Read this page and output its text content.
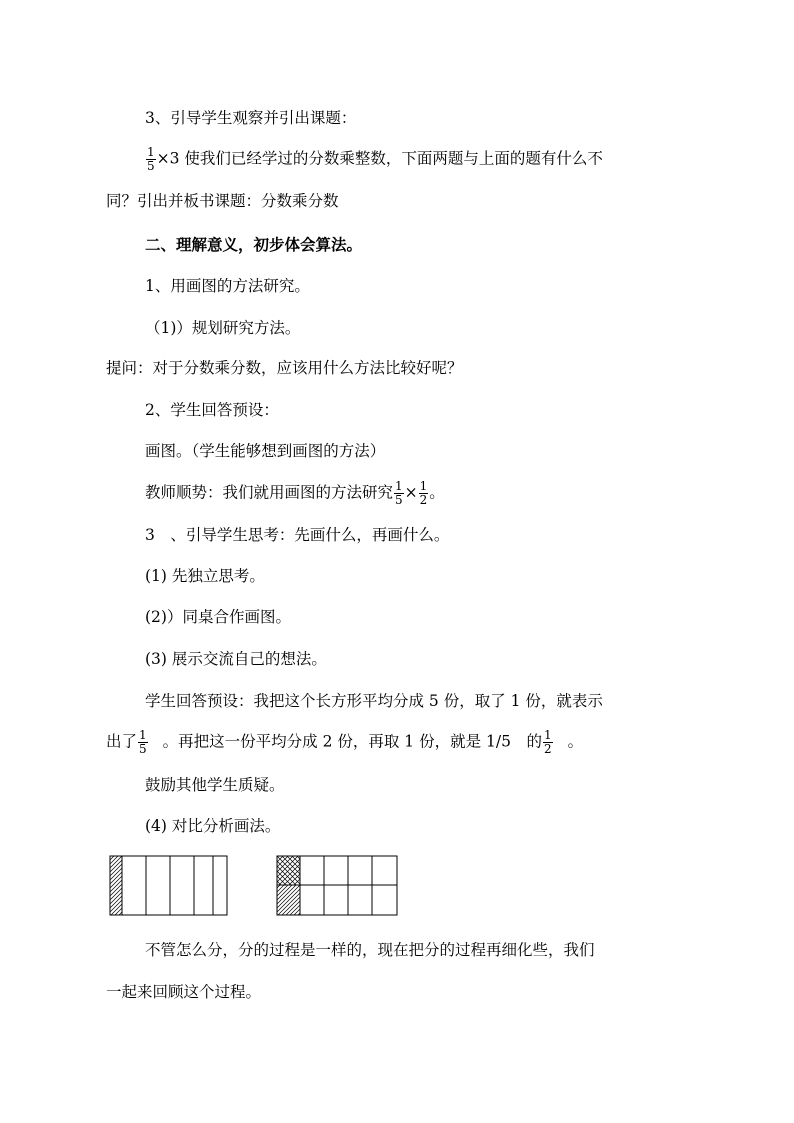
3、引导学生观察并引出课题：
$\frac{1}{5} \times 3$ 使我们已经学过的分数乘整数，下面两题与上面的题有什么不
同？引出并板书课题：分数乘分数
二、理解意义，初步体会算法。
1、用画图的方法研究。
（1)）规划研究方法。
提问：对于分数乘分数，应该用什么方法比较好呢？
2、学生回答预设：
画图。（学生能够想到画图的方法）
教师顺势：我们就用画图的方法研究 $\frac{1}{5} \times \frac{1}{2}$ 。
3　、引导学生思考：先画什么，再画什么。
(1) 先独立思考。
(2)）同桌合作画图。
(3) 展示交流自己的想法。
学生回答预设：我把这个长方形平均分成 5 份，取了 1 份，就表示
出了 $\frac{1}{5}$ 。再把这一份平均分成 2 份，再取 1 份，就是 1/5　的 $\frac{1}{2}$ 。
鼓励其他学生质疑。
(4) 对比分析画法。
不管怎么分，分的过程是一样的，现在把分的过程再细化些，我们
一起来回顾这个过程。
